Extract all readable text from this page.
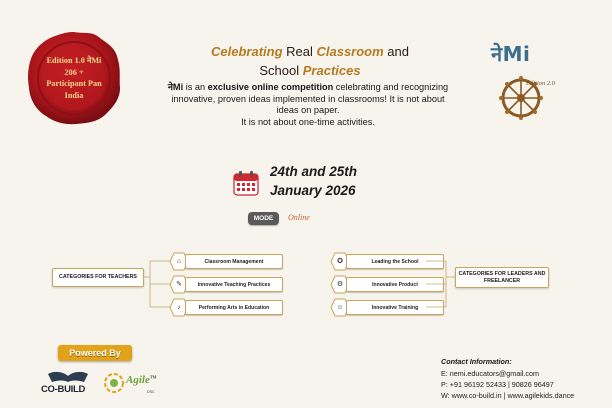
Edition 1.0 नेMi
206 +
Participant Pan
India
Celebrating Real Classroom and
School Practices
नेMi is an exclusive online competition celebrating and recognizing innovative, proven ideas implemented in classrooms! It is not about ideas on paper.
It is not about one-time activities.
नेMi
Edition 2.0
24th and 25th
January 2026
MODE	Online
CATEGORIES FOR TEACHERS
⌂	Classroom Management
✎	Innovative Teaching Practices
♪	Performing Arts in Education
✪	Leading the School
⚙	Innovative Product
☺	Innovative Training
CATEGORIES FOR LEADERS AND FREELANCER
Powered By
CO-BUILD
Agile™
DSC
Contact Information:
E: nemi.educators@gmail.com
P: +91 96192 52433 | 90826 96497
W: www.co-build.in | www.agilekids.dance
